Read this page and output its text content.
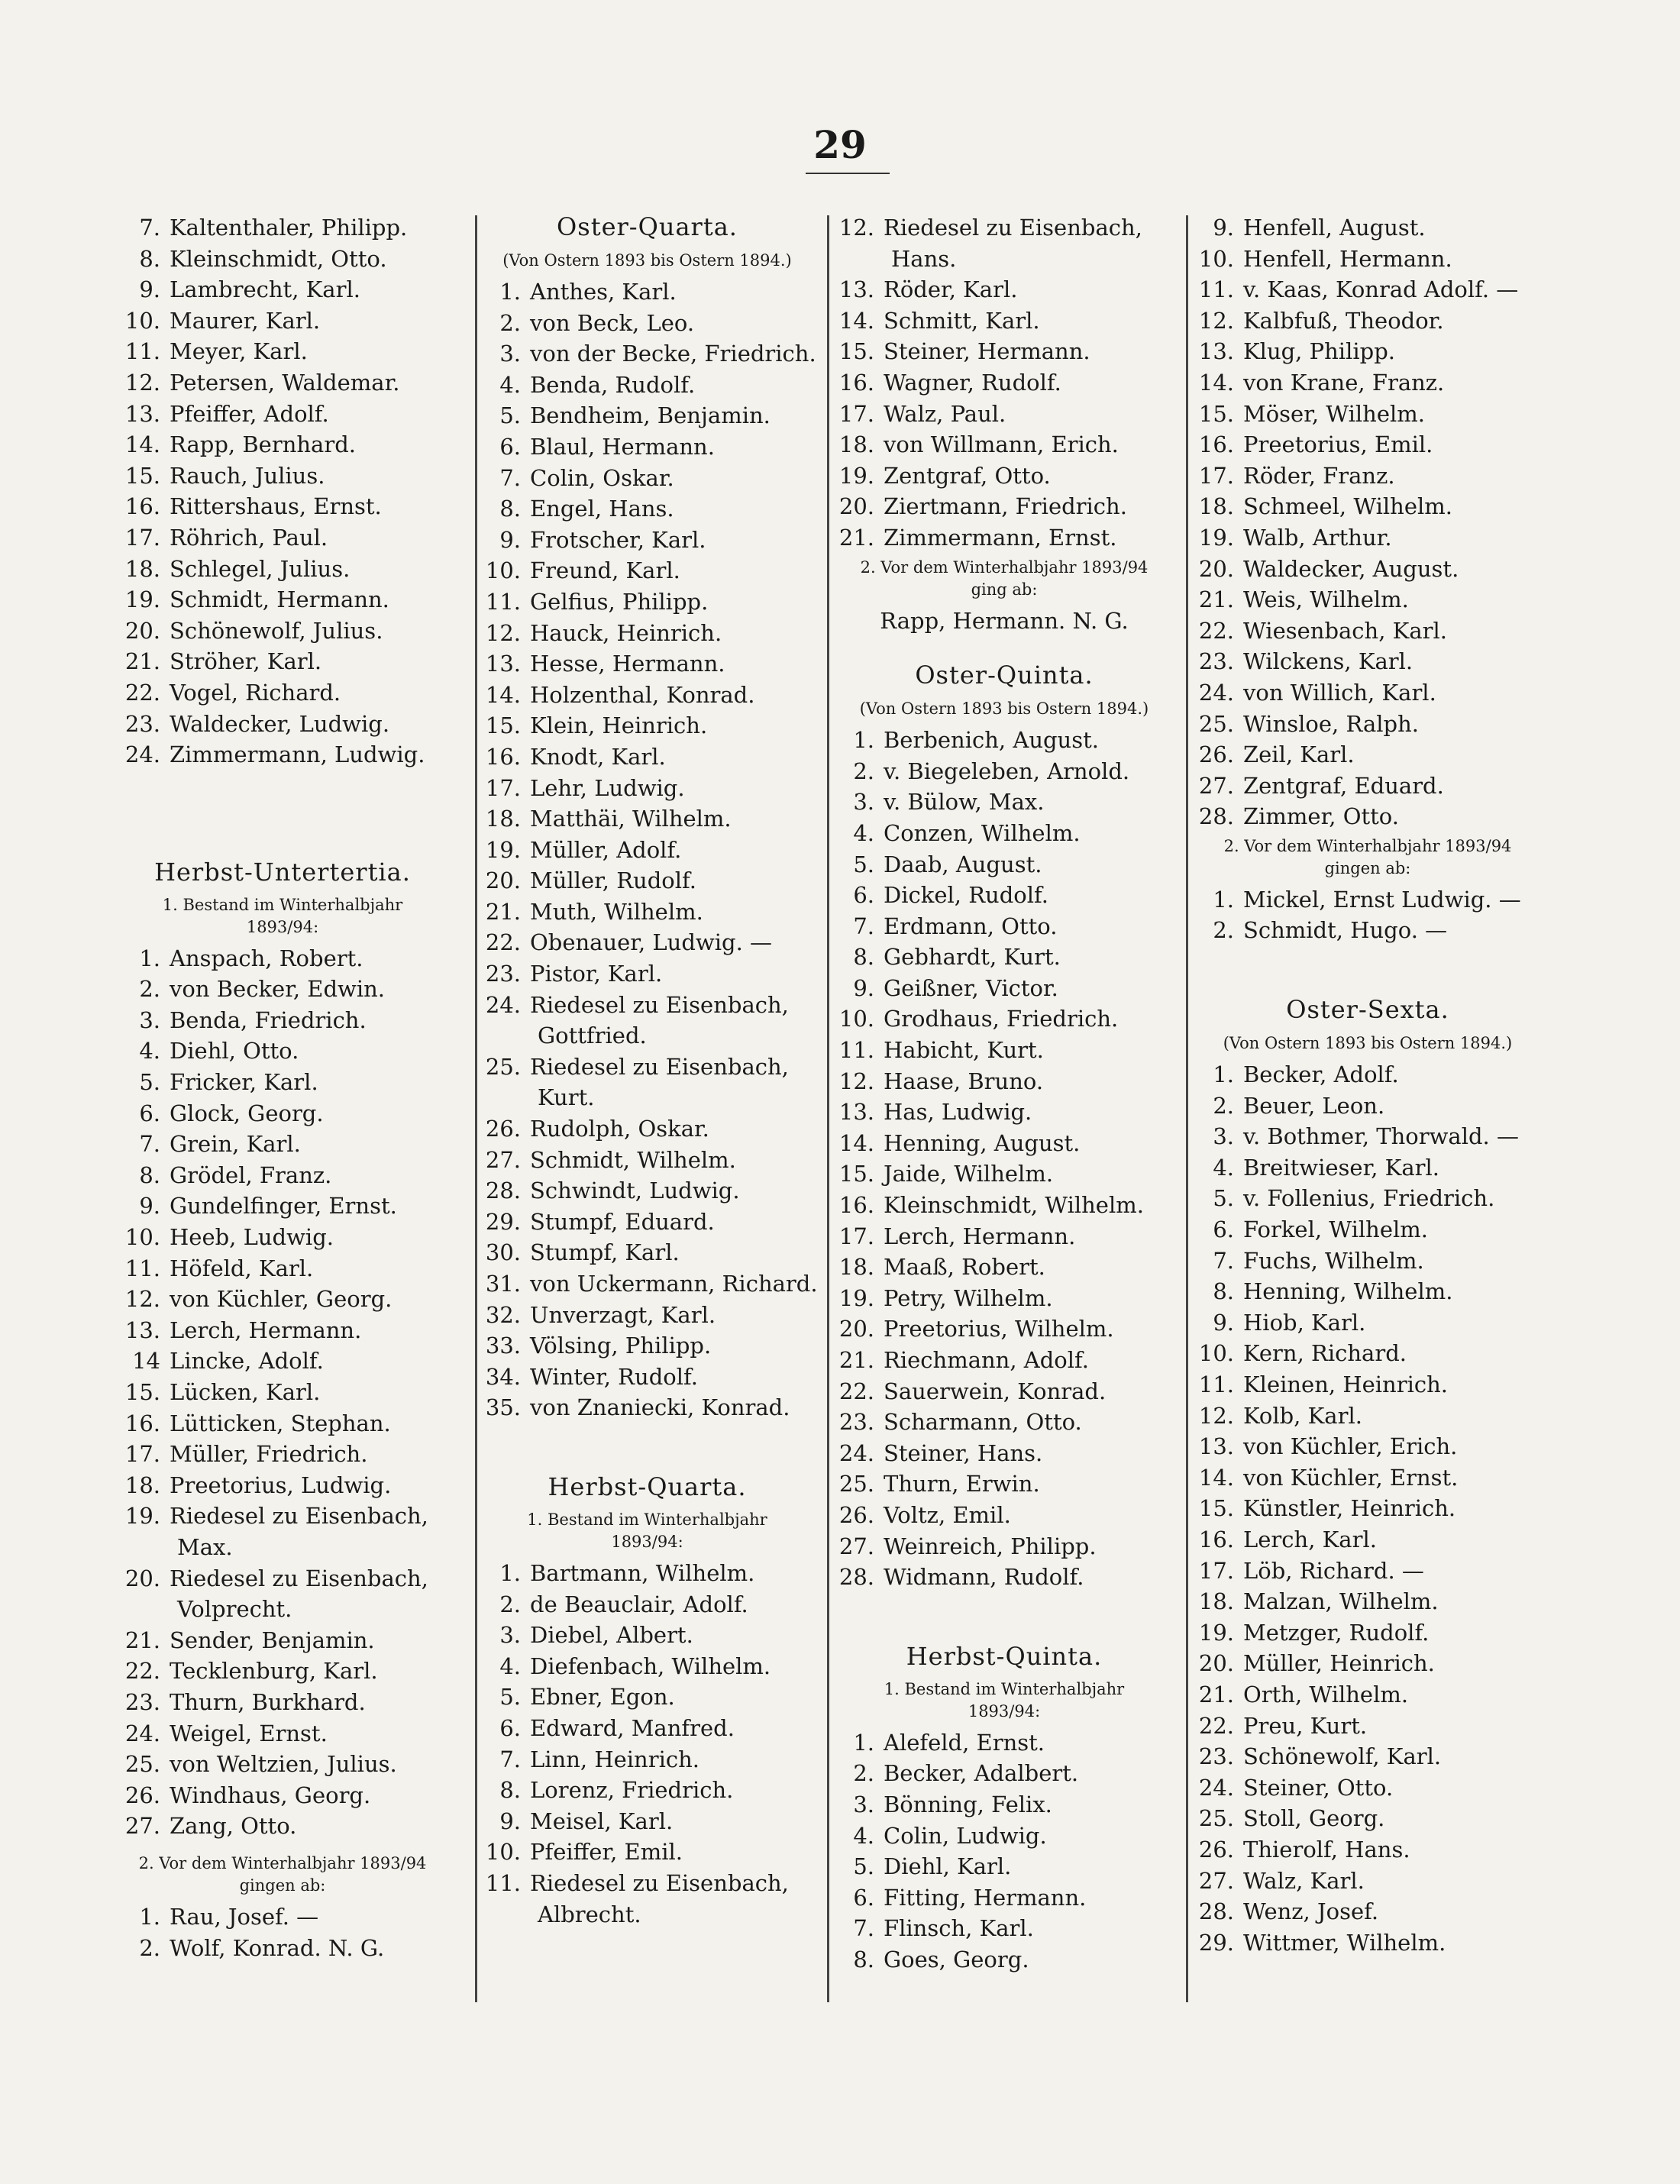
29
7. Kaltenthaler, Philipp.
8. Kleinschmidt, Otto.
9. Lambrecht, Karl.
10. Maurer, Karl.
11. Meyer, Karl.
12. Petersen, Waldemar.
13. Pfeiffer, Adolf.
14. Rapp, Bernhard.
15. Rauch, Julius.
16. Rittershaus, Ernst.
17. Röhrich, Paul.
18. Schlegel, Julius.
19. Schmidt, Hermann.
20. Schönewolf, Julius.
21. Ströher, Karl.
22. Vogel, Richard.
23. Waldecker, Ludwig.
24. Zimmermann, Ludwig.
Herbst-Untertertia.
1. Bestand im Winterhalbjahr
1893/94:
1. Anspach, Robert.
2. von Becker, Edwin.
3. Benda, Friedrich.
4. Diehl, Otto.
5. Fricker, Karl.
6. Glock, Georg.
7. Grein, Karl.
8. Grödel, Franz.
9. Gundelfinger, Ernst.
10. Heeb, Ludwig.
11. Höfeld, Karl.
12. von Küchler, Georg.
13. Lerch, Hermann.
14 Lincke, Adolf.
15. Lücken, Karl.
16. Lütticken, Stephan.
17. Müller, Friedrich.
18. Preetorius, Ludwig.
19. Riedesel zu Eisenbach,
Max.
20. Riedesel zu Eisenbach,
Volprecht.
21. Sender, Benjamin.
22. Tecklenburg, Karl.
23. Thurn, Burkhard.
24. Weigel, Ernst.
25. von Weltzien, Julius.
26. Windhaus, Georg.
27. Zang, Otto.
2. Vor dem Winterhalbjahr 1893/94
gingen ab:
1. Rau, Josef. —
2. Wolf, Konrad. N. G.
Oster-Quarta.
(Von Ostern 1893 bis Ostern 1894.)
1. Anthes, Karl.
2. von Beck, Leo.
3. von der Becke, Friedrich.
4. Benda, Rudolf.
5. Bendheim, Benjamin.
6. Blaul, Hermann.
7. Colin, Oskar.
8. Engel, Hans.
9. Frotscher, Karl.
10. Freund, Karl.
11. Gelfius, Philipp.
12. Hauck, Heinrich.
13. Hesse, Hermann.
14. Holzenthal, Konrad.
15. Klein, Heinrich.
16. Knodt, Karl.
17. Lehr, Ludwig.
18. Matthäi, Wilhelm.
19. Müller, Adolf.
20. Müller, Rudolf.
21. Muth, Wilhelm.
22. Obenauer, Ludwig. —
23. Pistor, Karl.
24. Riedesel zu Eisenbach,
Gottfried.
25. Riedesel zu Eisenbach,
Kurt.
26. Rudolph, Oskar.
27. Schmidt, Wilhelm.
28. Schwindt, Ludwig.
29. Stumpf, Eduard.
30. Stumpf, Karl.
31. von Uckermann, Richard.
32. Unverzagt, Karl.
33. Völsing, Philipp.
34. Winter, Rudolf.
35. von Znaniecki, Konrad.
Herbst-Quarta.
1. Bestand im Winterhalbjahr
1893/94:
1. Bartmann, Wilhelm.
2. de Beauclair, Adolf.
3. Diebel, Albert.
4. Diefenbach, Wilhelm.
5. Ebner, Egon.
6. Edward, Manfred.
7. Linn, Heinrich.
8. Lorenz, Friedrich.
9. Meisel, Karl.
10. Pfeiffer, Emil.
11. Riedesel zu Eisenbach,
Albrecht.
12. Riedesel zu Eisenbach,
Hans.
13. Röder, Karl.
14. Schmitt, Karl.
15. Steiner, Hermann.
16. Wagner, Rudolf.
17. Walz, Paul.
18. von Willmann, Erich.
19. Zentgraf, Otto.
20. Ziertmann, Friedrich.
21. Zimmermann, Ernst.
2. Vor dem Winterhalbjahr 1893/94
ging ab:
Rapp, Hermann. N. G.
Oster-Quinta.
(Von Ostern 1893 bis Ostern 1894.)
1. Berbenich, August.
2. v. Biegeleben, Arnold.
3. v. Bülow, Max.
4. Conzen, Wilhelm.
5. Daab, August.
6. Dickel, Rudolf.
7. Erdmann, Otto.
8. Gebhardt, Kurt.
9. Geißner, Victor.
10. Grodhaus, Friedrich.
11. Habicht, Kurt.
12. Haase, Bruno.
13. Has, Ludwig.
14. Henning, August.
15. Jaide, Wilhelm.
16. Kleinschmidt, Wilhelm.
17. Lerch, Hermann.
18. Maaß, Robert.
19. Petry, Wilhelm.
20. Preetorius, Wilhelm.
21. Riechmann, Adolf.
22. Sauerwein, Konrad.
23. Scharmann, Otto.
24. Steiner, Hans.
25. Thurn, Erwin.
26. Voltz, Emil.
27. Weinreich, Philipp.
28. Widmann, Rudolf.
Herbst-Quinta.
1. Bestand im Winterhalbjahr
1893/94:
1. Alefeld, Ernst.
2. Becker, Adalbert.
3. Bönning, Felix.
4. Colin, Ludwig.
5. Diehl, Karl.
6. Fitting, Hermann.
7. Flinsch, Karl.
8. Goes, Georg.
9. Henfell, August.
10. Henfell, Hermann.
11. v. Kaas, Konrad Adolf. —
12. Kalbfuß, Theodor.
13. Klug, Philipp.
14. von Krane, Franz.
15. Möser, Wilhelm.
16. Preetorius, Emil.
17. Röder, Franz.
18. Schmeel, Wilhelm.
19. Walb, Arthur.
20. Waldecker, August.
21. Weis, Wilhelm.
22. Wiesenbach, Karl.
23. Wilckens, Karl.
24. von Willich, Karl.
25. Winsloe, Ralph.
26. Zeil, Karl.
27. Zentgraf, Eduard.
28. Zimmer, Otto.
2. Vor dem Winterhalbjahr 1893/94
gingen ab:
1. Mickel, Ernst Ludwig. —
2. Schmidt, Hugo. —
Oster-Sexta.
(Von Ostern 1893 bis Ostern 1894.)
1. Becker, Adolf.
2. Beuer, Leon.
3. v. Bothmer, Thorwald. —
4. Breitwieser, Karl.
5. v. Follenius, Friedrich.
6. Forkel, Wilhelm.
7. Fuchs, Wilhelm.
8. Henning, Wilhelm.
9. Hiob, Karl.
10. Kern, Richard.
11. Kleinen, Heinrich.
12. Kolb, Karl.
13. von Küchler, Erich.
14. von Küchler, Ernst.
15. Künstler, Heinrich.
16. Lerch, Karl.
17. Löb, Richard. —
18. Malzan, Wilhelm.
19. Metzger, Rudolf.
20. Müller, Heinrich.
21. Orth, Wilhelm.
22. Preu, Kurt.
23. Schönewolf, Karl.
24. Steiner, Otto.
25. Stoll, Georg.
26. Thierolf, Hans.
27. Walz, Karl.
28. Wenz, Josef.
29. Wittmer, Wilhelm.
